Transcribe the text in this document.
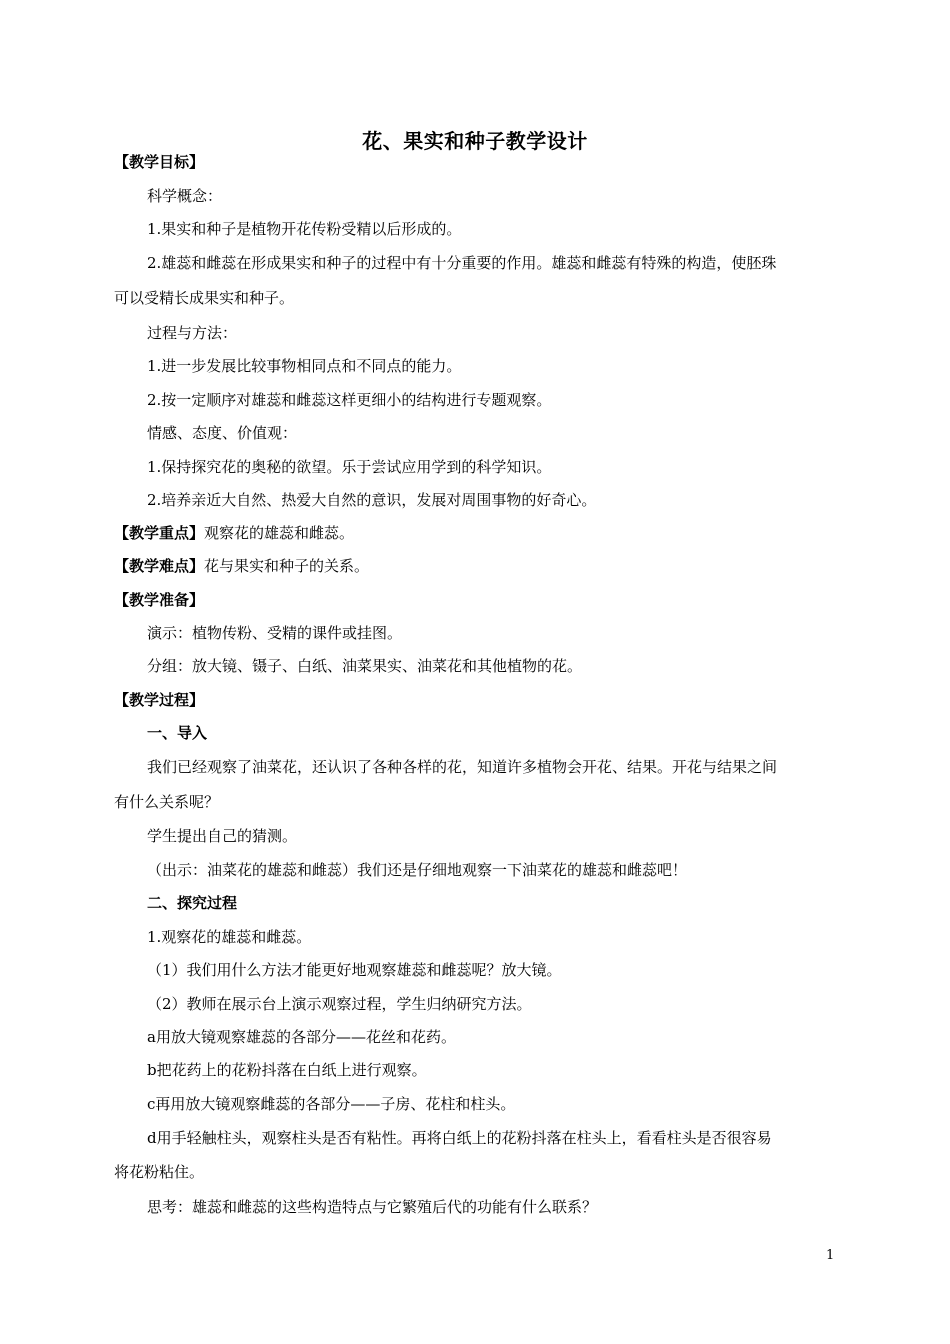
花、果实和种子教学设计
【教学目标】
科学概念：
1.果实和种子是植物开花传粉受精以后形成的。
2.雄蕊和雌蕊在形成果实和种子的过程中有十分重要的作用。雄蕊和雌蕊有特殊的构造，使胚珠
可以受精长成果实和种子。
过程与方法：
1.进一步发展比较事物相同点和不同点的能力。
2.按一定顺序对雄蕊和雌蕊这样更细小的结构进行专题观察。
情感、态度、价值观：
1.保持探究花的奥秘的欲望。乐于尝试应用学到的科学知识。
2.培养亲近大自然、热爱大自然的意识，发展对周围事物的好奇心。
【教学重点】观察花的雄蕊和雌蕊。
【教学难点】花与果实和种子的关系。
【教学准备】
演示：植物传粉、受精的课件或挂图。
分组：放大镜、镊子、白纸、油菜果实、油菜花和其他植物的花。
【教学过程】
一、导入
我们已经观察了油菜花，还认识了各种各样的花，知道许多植物会开花、结果。开花与结果之间
有什么关系呢？
学生提出自己的猜测。
（出示：油菜花的雄蕊和雌蕊）我们还是仔细地观察一下油菜花的雄蕊和雌蕊吧！
二、探究过程
1.观察花的雄蕊和雌蕊。
（1）我们用什么方法才能更好地观察雄蕊和雌蕊呢？放大镜。
（2）教师在展示台上演示观察过程，学生归纳研究方法。
a用放大镜观察雄蕊的各部分——花丝和花药。
b把花药上的花粉抖落在白纸上进行观察。
c再用放大镜观察雌蕊的各部分——子房、花柱和柱头。
d用手轻触柱头，观察柱头是否有粘性。再将白纸上的花粉抖落在柱头上，看看柱头是否很容易
将花粉粘住。
思考：雄蕊和雌蕊的这些构造特点与它繁殖后代的功能有什么联系？
1
